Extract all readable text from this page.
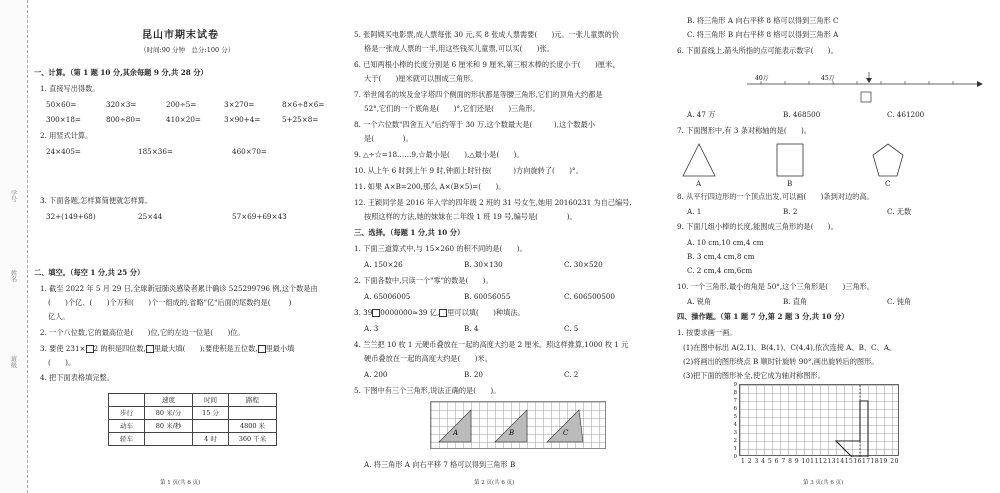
学号
姓名
班级
昆山市期末试卷
（时间:90 分钟　总分:100 分）
一、计算。（第 1 题 10 分,其余每题 9 分,共 28 分）
1. 直接写出得数。
50×60=	320×3=	200÷5=	3×270=	8×6÷8×6=
300×18=	800÷80=	410×20=	3×90+4=	5+25×8=
2. 用竖式计算。
24×405=	185×36=	460×70=
3. 下面各题,怎样算简便就怎样算。
32+(149+68)	25×44	57×69+69×43
二、填空。（每空 1 分,共 25 分）
1. 截至 2022 年 5 月 29 日,全球新冠肺炎感染者累计确诊 525299796 例,这个数是由
(　　)个亿、(　　)个万和(　　)个一组成的,省略"亿"后面的尾数约是(	)
亿人。
2. 一个八位数,它的最高位是(　　)位,它的左边一位是(　　)位。
3. 要使 231× 2 的积是四位数, 里最大填(　　);要使积是五位数, 里最小填
(　　)。
4. 把下面表格填完整。
	速度	时间	路程
步行	80 米/分	15 分	
动车	80 米/秒		4800 米
轿车		4 时	360 千米
第 1 页(共 6 页)
5. 张阿姨买电影票,成人票每张 30 元,买 8 张成人票需要(　　)元。一张儿童票的价
格是一张成人票的一半,用这些钱买儿童票,可以买(　　)张。
6. 已知两根小棒的长度分别是 6 厘米和 9 厘米,第三根木棒的长度小于(　　)厘米、
大于(　　)厘米就可以围成三角形。
7. 举世闻名的埃及金字塔四个侧面的形状都是等腰三角形,它们的顶角大约都是
52°,它们的一个底角是(　　)°,它们还是(　　)三角形。
8. 一个六位数"四舍五入"后约等于 30 万,这个数最大是(　　　),这个数最小
是(　　　　)。
9. △÷☆=18……9,☆最小是(　　),△最小是(　　)。
10. 从上午 6 时到上午 9 时,钟面上时针按(　　　)方向旋转了(　　)°。
11. 如果 A×B=200,那么 A×(B×5)=(　　)。
12. 王颖同学是 2016 年入学的四年级 2 班的 31 号女生,她用 20160231 为自己编号,
按照这样的方法,她的妹妹在二年级 1 班 19 号,编号是(　　　　)。
三、选择。（每题 1 分,共 10 分）
1. 下面三道算式中,与 15×260 的积不同的是(　　)。
A. 150×26	B. 30×130	C. 30×520
2. 下面各数中,只读一个"零"的数是(　　)。
A. 65006005	B. 60056055	C. 606500500
3. 39 0000000≈39 亿, 里可以填(　　)种填法。
A. 3	B. 4	C. 5
4. 兰兰把 10 枚 1 元硬币叠放在一起的高度大约是 2 厘米。照这样推算,1000 枚 1 元
硬币叠放在一起的高度大约是(　　)米。
A. 200	B. 20	C. 2
5. 下图中有三个三角形,说法正确的是(　　)。
A	B	C
A. 将三角形 A 向右平移 7 格可以得到三角形 B
第 2 页(共 6 页)
B. 将三角形 A 向右平移 8 格可以得到三角形 C
C. 将三角形 B 向右平移 8 格可以得到三角形 A
6. 下面直线上,箭头所指的点可能表示数字(　　)。
40万	45万
A. 47 万	B. 468500	C. 461200
7. 下面图形中,有 3 条对称轴的是(　　)。
A	B	C
8. 从平行四边形的一个顶点出发,可以画(　　)条到对边的高。
A. 1	B. 2	C. 无数
9. 下面几组小棒的长度,能围成三角形的是(　　)。
A. 10 cm,10 cm,4 cm
B. 3 cm,4 cm,8 cm
C. 2 cm,4 cm,6cm
10. 一个三角形,最小的角是 50°,这个三角形是(　　)三角形。
A. 锐角	B. 直角	C. 钝角
四、操作题。（第 1 题 7 分,第 2 题 3 分,共 10 分）
1. 按要求画一画。
(1)在图中标出 A(2,1)、B(4,1)、C(4,4),依次连接 A、B、C、A。
(2)将画出的图形绕点 B 顺时针旋转 90°,画出旋转后的图形。
(3)把下面的图形补全,使它成为轴对称图形。
9
8
7
6
5
4
3
2
1
0
1 2 3 4 5 6 7 8 9 10111213141516171819 20
第 3 页(共 6 页)
